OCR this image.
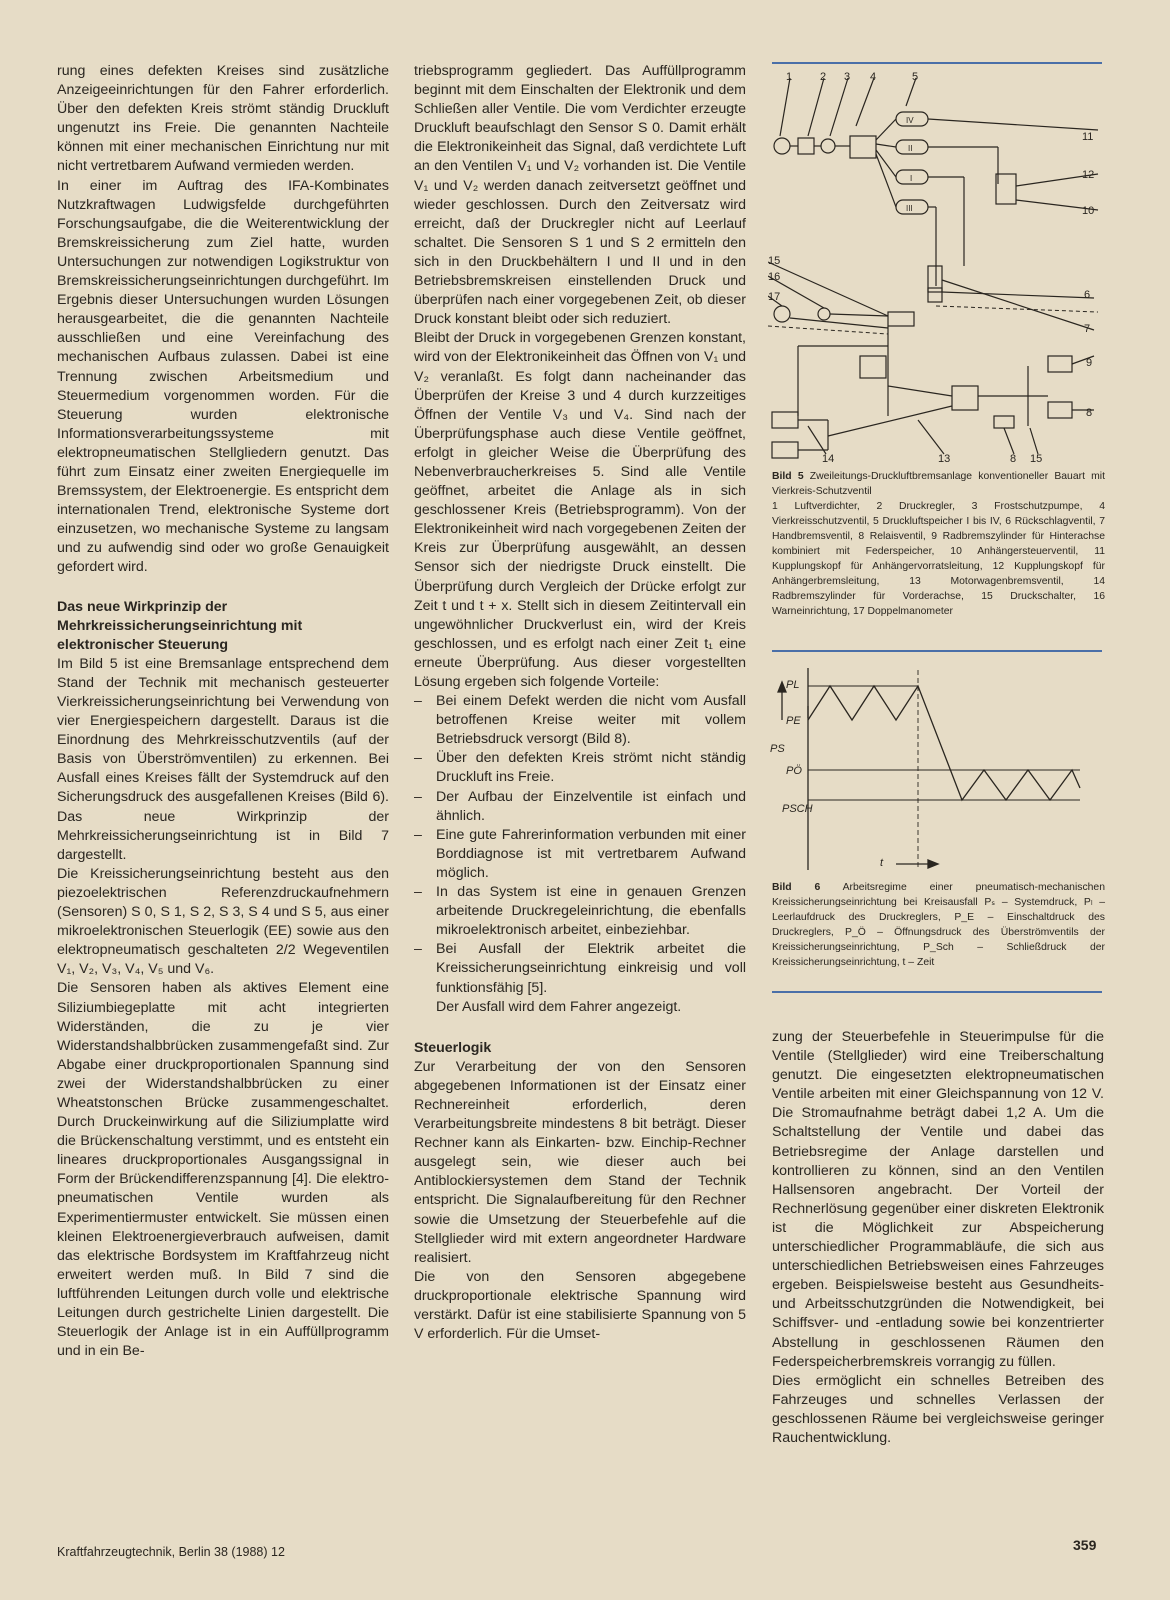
rung eines defekten Kreises sind zusätzliche Anzeigeeinrichtungen für den Fahrer erforderlich. Über den defekten Kreis strömt ständig Druckluft ungenutzt ins Freie. Die genannten Nachteile können mit einer mechanischen Einrichtung nur mit nicht vertretbarem Aufwand vermieden werden.

In einer im Auftrag des IFA-Kombinates Nutzkraftwagen Ludwigsfelde durchgeführten Forschungsaufgabe, die die Weiterentwicklung der Bremskreissicherung zum Ziel hatte, wurden Untersuchungen zur notwendigen Logikstruktur von Bremskreissicherungseinrichtungen durchgeführt. Im Ergebnis dieser Untersuchungen wurden Lösungen herausgearbeitet, die die genannten Nachteile ausschließen und eine Vereinfachung des mechanischen Aufbaus zulassen. Dabei ist eine Trennung zwischen Arbeitsmedium und Steuermedium vorgenommen worden. Für die Steuerung wurden elektronische Informationsverarbeitungssysteme mit elektropneumatischen Stellgliedern genutzt. Das führt zum Einsatz einer zweiten Energiequelle im Bremssystem, der Elektroenergie. Es entspricht dem internationalen Trend, elektronische Systeme dort einzusetzen, wo mechanische Systeme zu langsam und zu aufwendig sind oder wo große Genauigkeit gefordert wird.

Das neue Wirkprinzip der Mehrkreissicherungseinrichtung mit elektronischer Steuerung

Im Bild 5 ist eine Bremsanlage entsprechend dem Stand der Technik mit mechanisch gesteuerter Vierkreissicherungseinrichtung bei Verwendung von vier Energiespeichern dargestellt. Daraus ist die Einordnung des Mehrkreisschutzventils (auf der Basis von Überströmventilen) zu erkennen. Bei Ausfall eines Kreises fällt der Systemdruck auf den Sicherungsdruck des ausgefallenen Kreises (Bild 6). Das neue Wirkprinzip der Mehrkreissicherungseinrichtung ist in Bild 7 dargestellt.

Die Kreissicherungseinrichtung besteht aus den piezoelektrischen Referenzdruckaufnehmern (Sensoren) S 0, S 1, S 2, S 3, S 4 und S 5, aus einer mikroelektronischen Steuerlogik (EE) sowie aus den elektropneumatisch geschalteten 2/2 Wegeventilen V₁, V₂, V₃, V₄, V₅ und V₆.

Die Sensoren haben als aktives Element eine Siliziumbiegeplatte mit acht integrierten Widerständen, die zu je vier Widerstandshalbbrücken zusammengefaßt sind. Zur Abgabe einer druckproportionalen Spannung sind zwei der Widerstandshalbbrücken zu einer Wheatstonschen Brücke zusammengeschaltet. Durch Druckeinwirkung auf die Siliziumplatte wird die Brückenschaltung verstimmt, und es entsteht ein lineares druckproportionales Ausgangssignal in Form der Brückendifferenzspannung [4]. Die elektro-pneumatischen Ventile wurden als Experimentiermuster entwickelt. Sie müssen einen kleinen Elektroenergieverbrauch aufweisen, damit das elektrische Bordsystem im Kraftfahrzeug nicht erweitert werden muß. In Bild 7 sind die luftführenden Leitungen durch volle und elektrische Leitungen durch gestrichelte Linien dargestellt. Die Steuerlogik der Anlage ist in ein Auffüllprogramm und in ein Be-

triebsprogramm gegliedert. Das Auffüllprogramm beginnt mit dem Einschalten der Elektronik und dem Schließen aller Ventile. Die vom Verdichter erzeugte Druckluft beaufschlagt den Sensor S 0. Damit erhält die Elektronikeinheit das Signal, daß verdichtete Luft an den Ventilen V₁ und V₂ vorhanden ist. Die Ventile V₁ und V₂ werden danach zeitversetzt geöffnet und wieder geschlossen. Durch den Zeitversatz wird erreicht, daß der Druckregler nicht auf Leerlauf schaltet. Die Sensoren S 1 und S 2 ermitteln den sich in den Druckbehältern I und II und in den Betriebsbremskreisen einstellenden Druck und überprüfen nach einer vorgegebenen Zeit, ob dieser Druck konstant bleibt oder sich reduziert.

Bleibt der Druck in vorgegebenen Grenzen konstant, wird von der Elektronikeinheit das Öffnen von V₁ und V₂ veranlaßt. Es folgt dann nacheinander das Überprüfen der Kreise 3 und 4 durch kurzzeitiges Öffnen der Ventile V₃ und V₄. Sind nach der Überprüfungsphase auch diese Ventile geöffnet, erfolgt in gleicher Weise die Überprüfung des Nebenverbraucherkreises 5. Sind alle Ventile geöffnet, arbeitet die Anlage als in sich geschlossener Kreis (Betriebsprogramm). Von der Elektronikeinheit wird nach vorgegebenen Zeiten der Kreis zur Überprüfung ausgewählt, an dessen Sensor sich der niedrigste Druck einstellt. Die Überprüfung durch Vergleich der Drücke erfolgt zur Zeit t und t + x. Stellt sich in diesem Zeitintervall ein ungewöhnlicher Druckverlust ein, wird der Kreis geschlossen, und es erfolgt nach einer Zeit t₁ eine erneute Überprüfung. Aus dieser vorgestellten Lösung ergeben sich folgende Vorteile:

– Bei einem Defekt werden die nicht vom Ausfall betroffenen Kreise weiter mit vollem Betriebsdruck versorgt (Bild 8).
– Über den defekten Kreis strömt nicht ständig Druckluft ins Freie.
– Der Aufbau der Einzelventile ist einfach und ähnlich.
– Eine gute Fahrerinformation verbunden mit einer Borddiagnose ist mit vertretbarem Aufwand möglich.
– In das System ist eine in genauen Grenzen arbeitende Druckregeleinrichtung, die ebenfalls mikroelektronisch arbeitet, einbeziehbar.
– Bei Ausfall der Elektrik arbeitet die Kreissicherungseinrichtung einkreisig und voll funktionsfähig [5].

Der Ausfall wird dem Fahrer angezeigt.

Steuerlogik

Zur Verarbeitung der von den Sensoren abgegebenen Informationen ist der Einsatz einer Rechnereinheit erforderlich, deren Verarbeitungsbreite mindestens 8 bit beträgt. Dieser Rechner kann als Einkarten- bzw. Einchip-Rechner ausgelegt sein, wie dieser auch bei Antiblockiersystemen dem Stand der Technik entspricht. Die Signalaufbereitung für den Rechner sowie die Umsetzung der Steuerbefehle auf die Stellglieder wird mit extern angeordneter Hardware realisiert.

Die von den Sensoren abgegebene druckproportionale elektrische Spannung wird verstärkt. Dafür ist eine stabilisierte Spannung von 5 V erforderlich. Für die Umset-

1	2 3 4	5
11
12
10
6
7
9
8
15
16
17
14	13	8 15
IV
II
I
III
Bild 5 Zweileitungs-Druckluftbremsanlage konventioneller Bauart mit Vierkreis-Schutzventil
1 Luftverdichter, 2 Druckregler, 3 Frostschutzpumpe, 4 Vierkreisschutzventil, 5 Druckluftspeicher I bis IV, 6 Rückschlagventil, 7 Handbremsventil, 8 Relaisventil, 9 Radbremszylinder für Hinterachse kombiniert mit Federspeicher, 10 Anhängersteuerventil, 11 Kupplungskopf für Anhängervorratsleitung, 12 Kupplungskopf für Anhängerbremsleitung, 13 Motorwagenbremsventil, 14 Radbremszylinder für Vorderachse, 15 Druckschalter, 16 Warneinrichtung, 17 Doppelmanometer
PL
PE
PS
PÖ
PSCH
t
Bild 6 Arbeitsregime einer pneumatisch-mechanischen Kreissicherungseinrichtung bei Kreisausfall Pₛ – Systemdruck, Pₗ – Leerlaufdruck des Druckreglers, P_E – Einschaltdruck des Druckreglers, P_Ö – Öffnungsdruck des Überströmventils der Kreissicherungseinrichtung, P_Sch – Schließdruck der Kreissicherungseinrichtung, t – Zeit

zung der Steuerbefehle in Steuerimpulse für die Ventile (Stellglieder) wird eine Treiberschaltung genutzt. Die eingesetzten elektropneumatischen Ventile arbeiten mit einer Gleichspannung von 12 V. Die Stromaufnahme beträgt dabei 1,2 A. Um die Schaltstellung der Ventile und dabei das Betriebsregime der Anlage darstellen und kontrollieren zu können, sind an den Ventilen Hallsensoren angebracht. Der Vorteil der Rechnerlösung gegenüber einer diskreten Elektronik ist die Möglichkeit zur Abspeicherung unterschiedlicher Programmabläufe, die sich aus unterschiedlichen Betriebsweisen eines Fahrzeuges ergeben. Beispielsweise besteht aus Gesundheits- und Arbeitsschutzgründen die Notwendigkeit, bei Schiffsver- und -entladung sowie bei konzentrierter Abstellung in geschlossenen Räumen den Federspeicherbremskreis vorrangig zu füllen.

Dies ermöglicht ein schnelles Betreiben des Fahrzeuges und schnelles Verlassen der geschlossenen Räume bei vergleichsweise geringer Rauchentwicklung.

Kraftfahrzeugtechnik, Berlin 38 (1988) 12	359
